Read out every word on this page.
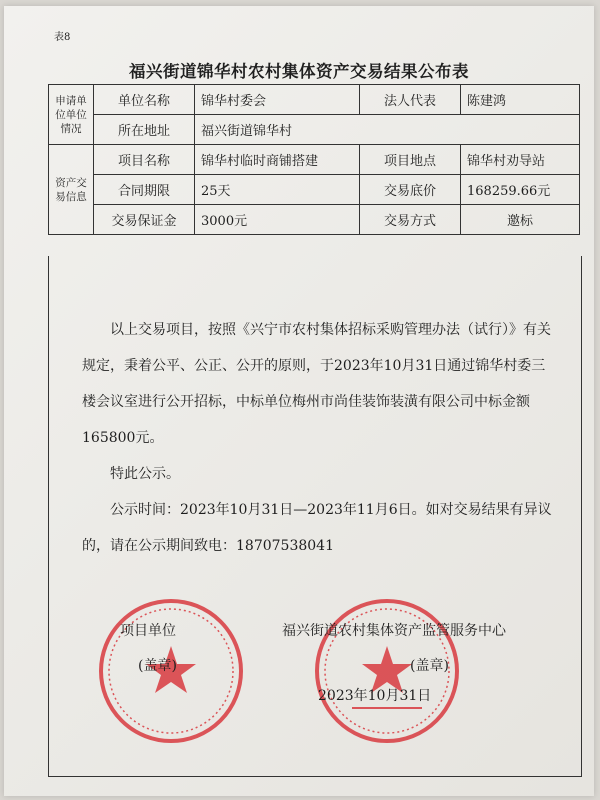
表8
福兴街道锦华村农村集体资产交易结果公布表
申请单位单位情况	单位名称	锦华村委会	法人代表	陈建鸿
	所在地址	福兴街道锦华村		
资产交易信息	项目名称	锦华村临时商铺搭建	项目地点	锦华村劝导站
	合同期限	25天	交易底价	168259.66元
	交易保证金	3000元	交易方式	邀标

以上交易项目，按照《兴宁市农村集体招标采购管理办法（试行）》有关规定，秉着公平、公正、公开的原则，于2023年10月31日通过锦华村委三楼会议室进行公开招标，中标单位梅州市尚佳装饰装潢有限公司中标金额165800元。

特此公示。

公示时间：2023年10月31日—2023年11月6日。如对交易结果有异议的，请在公示期间致电：18707538041

项目单位
(盖章)
福兴街道农村集体资产监管服务中心
(盖章)
2023年10月31日
